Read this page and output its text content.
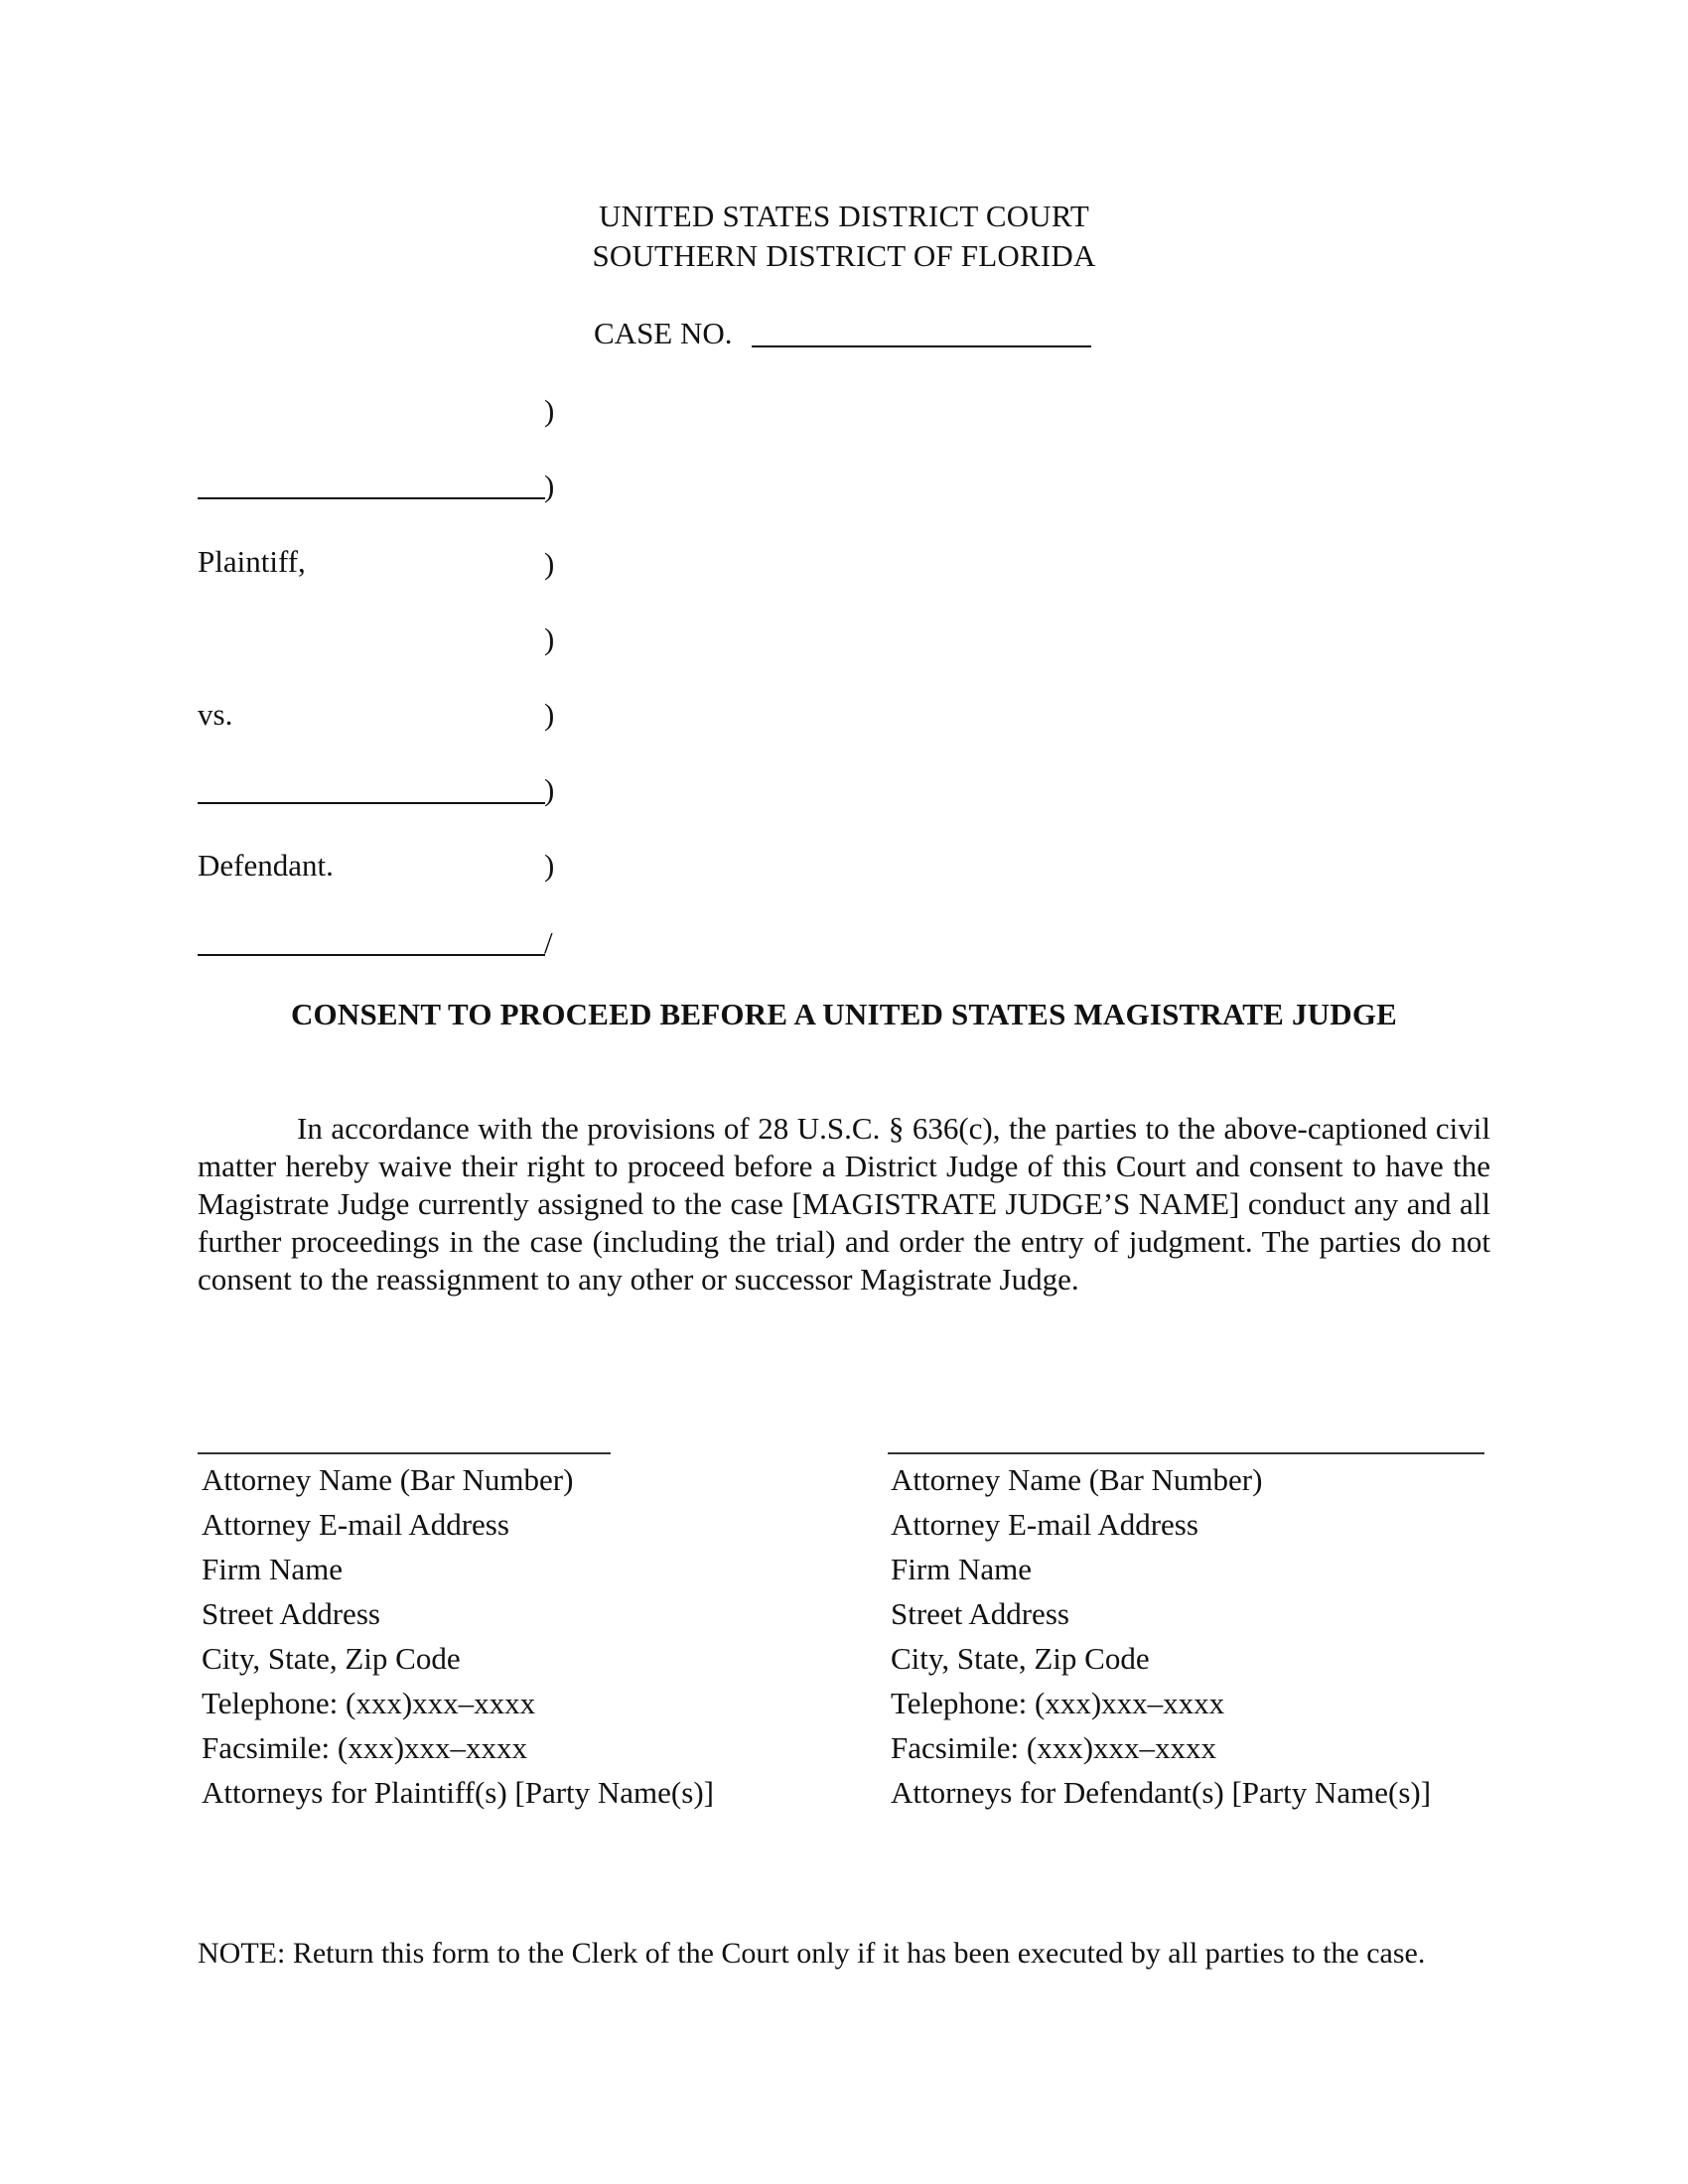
UNITED STATES DISTRICT COURT
SOUTHERN DISTRICT OF FLORIDA
CASE NO.
)
)
Plaintiff,	)
)
vs.	)
)
Defendant.	)
/
CONSENT TO PROCEED BEFORE A UNITED STATES MAGISTRATE JUDGE

In accordance with the provisions of 28 U.S.C. § 636(c), the parties to the above-captioned civil matter hereby waive their right to proceed before a District Judge of this Court and consent to have the Magistrate Judge currently assigned to the case [MAGISTRATE JUDGE’S NAME] conduct any and all further proceedings in the case (including the trial) and order the entry of judgment. The parties do not consent to the reassignment to any other or successor Magistrate Judge.

Attorney Name (Bar Number)
Attorney E-mail Address
Firm Name
Street Address
City, State, Zip Code
Telephone: (xxx)xxx–xxxx
Facsimile: (xxx)xxx–xxxx
Attorneys for Plaintiff(s) [Party Name(s)]
Attorney Name (Bar Number)
Attorney E-mail Address
Firm Name
Street Address
City, State, Zip Code
Telephone: (xxx)xxx–xxxx
Facsimile: (xxx)xxx–xxxx
Attorneys for Defendant(s) [Party Name(s)]
NOTE: Return this form to the Clerk of the Court only if it has been executed by all parties to the case.
